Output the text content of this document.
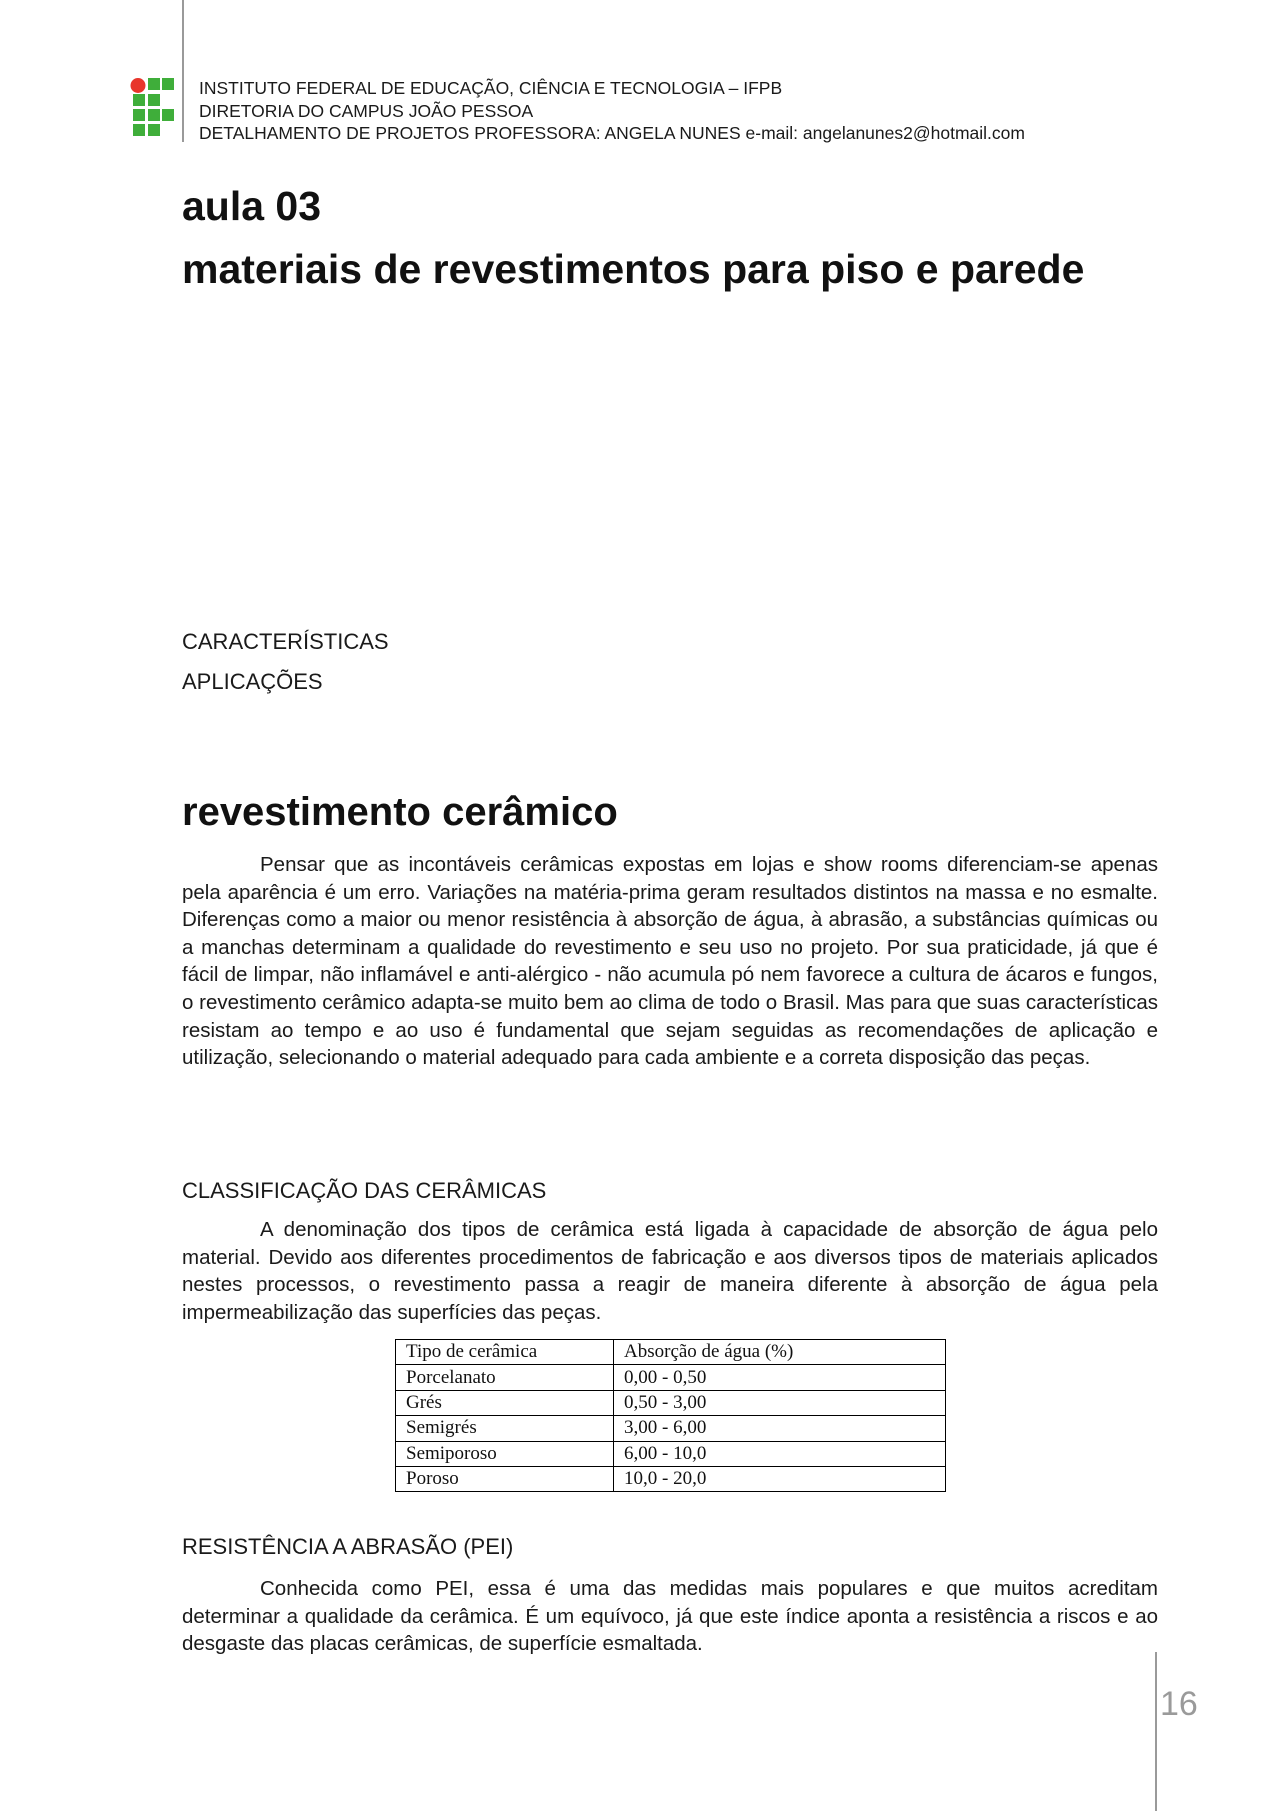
INSTITUTO FEDERAL DE EDUCAÇÃO, CIÊNCIA E TECNOLOGIA – IFPB
DIRETORIA DO CAMPUS JOÃO PESSOA
DETALHAMENTO DE PROJETOS PROFESSORA: ANGELA NUNES e-mail: angelanunes2@hotmail.com
aula 03
materiais de revestimentos para piso e parede
CARACTERÍSTICAS
APLICAÇÕES
revestimento cerâmico

Pensar que as incontáveis cerâmicas expostas em lojas e show rooms diferenciam-se apenas pela aparência é um erro. Variações na matéria-prima geram resultados distintos na massa e no esmalte. Diferenças como a maior ou menor resistência à absorção de água, à abrasão, a substâncias químicas ou a manchas determinam a qualidade do revestimento e seu uso no projeto. Por sua praticidade, já que é fácil de limpar, não inflamável e anti-alérgico - não acumula pó nem favorece a cultura de ácaros e fungos, o revestimento cerâmico adapta-se muito bem ao clima de todo o Brasil. Mas para que suas características resistam ao tempo e ao uso é fundamental que sejam seguidas as recomendações de aplicação e utilização, selecionando o material adequado para cada ambiente e a correta disposição das peças.

CLASSIFICAÇÃO DAS CERÂMICAS

A denominação dos tipos de cerâmica está ligada à capacidade de absorção de água pelo material. Devido aos diferentes procedimentos de fabricação e aos diversos tipos de materiais aplicados nestes processos, o revestimento passa a reagir de maneira diferente à absorção de água pela impermeabilização das superfícies das peças.

Tipo de cerâmica	Absorção de água (%)
Porcelanato	0,00 - 0,50
Grés	0,50 - 3,00
Semigrés	3,00 - 6,00
Semiporoso	6,00 - 10,0
Poroso	10,0 - 20,0
RESISTÊNCIA A ABRASÃO (PEI)

Conhecida como PEI, essa é uma das medidas mais populares e que muitos acreditam determinar a qualidade da cerâmica. É um equívoco, já que este índice aponta a resistência a riscos e ao desgaste das placas cerâmicas, de superfície esmaltada.

16
